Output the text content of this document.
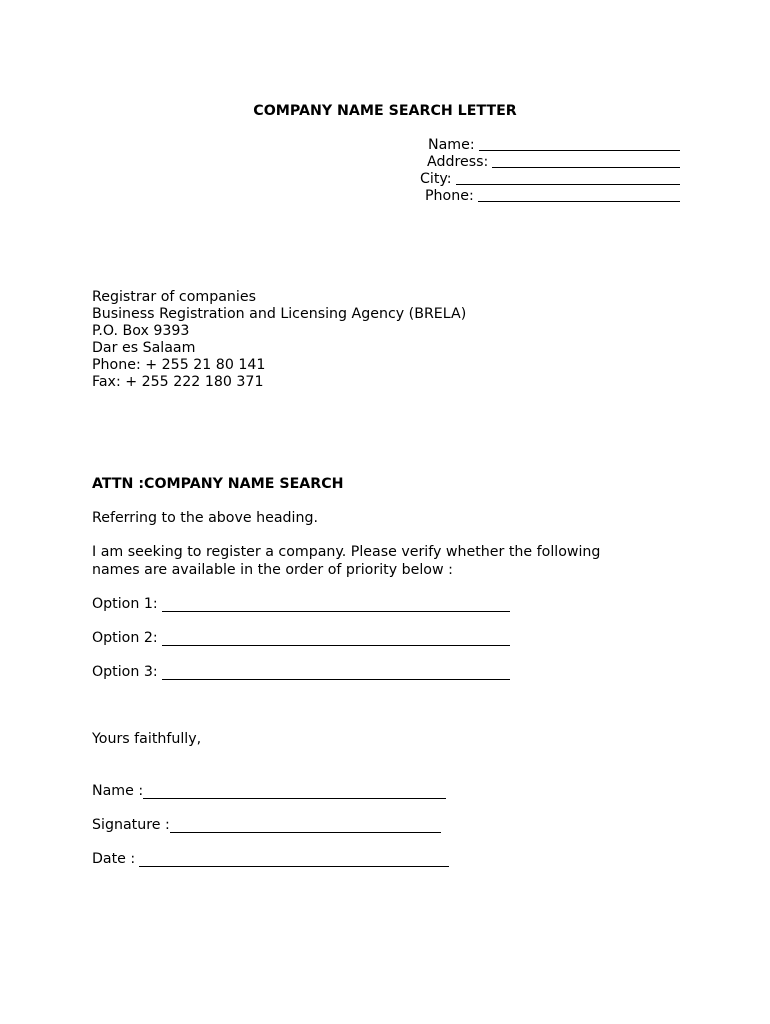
COMPANY NAME SEARCH LETTER
Name:
Address:
City:
Phone:
Registrar of companies
Business Registration and Licensing Agency (BRELA)
P.O. Box 9393
Dar es Salaam
Phone: + 255 21 80 141
Fax: + 255 222 180 371
ATTN :COMPANY NAME SEARCH
Referring to the above heading.
I am seeking to register a company. Please verify whether the following
names are available in the order of priority below :
Option 1:
Option 2:
Option 3:
Yours faithfully,
Name :
Signature :
Date :
